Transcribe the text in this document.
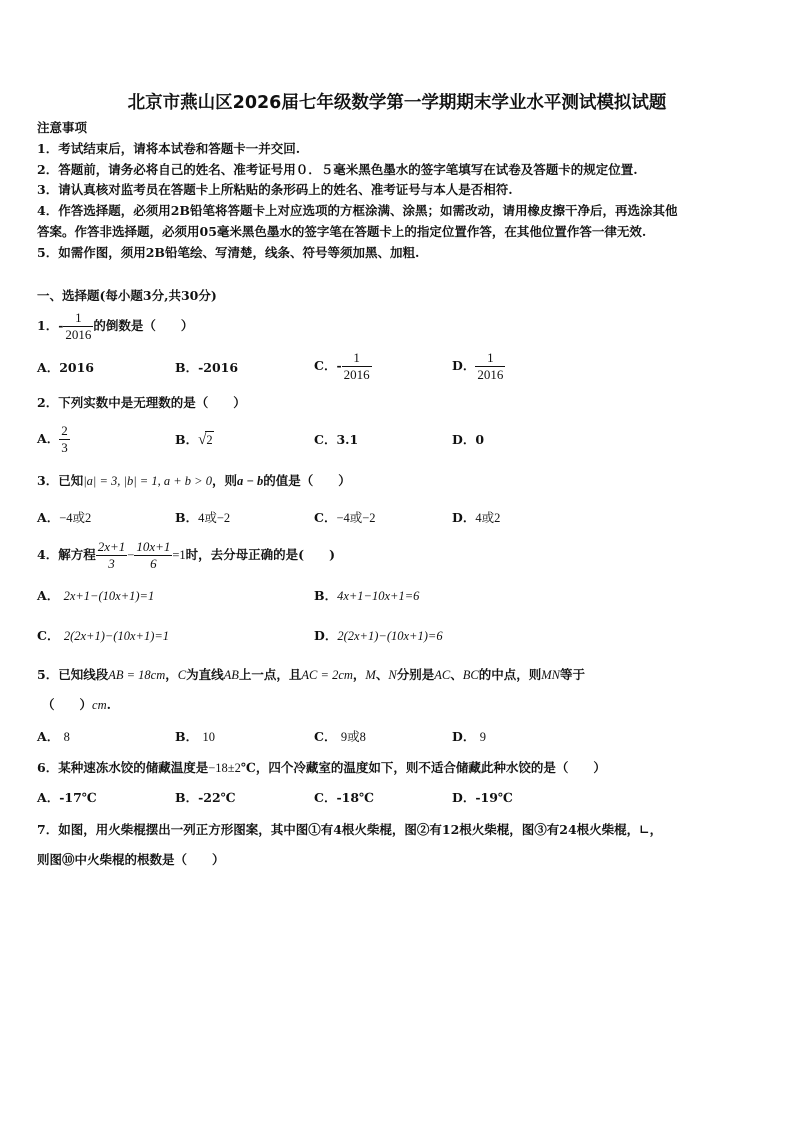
北京市燕山区2026届七年级数学第一学期期末学业水平测试模拟试题
注意事项
1．考试结束后，请将本试卷和答题卡一并交回.
2．答题前，请务必将自己的姓名、准考证号用０．５毫米黑色墨水的签字笔填写在试卷及答题卡的规定位置.
3．请认真核对监考员在答题卡上所粘贴的条形码上的姓名、准考证号与本人是否相符.
4．作答选择题，必须用2B铅笔将答题卡上对应选项的方框涂满、涂黑；如需改动，请用橡皮擦干净后，再选涂其他
答案。作答非选择题，必须用05毫米黑色墨水的签字笔在答题卡上的指定位置作答，在其他位置作答一律无效.
5．如需作图，须用2B铅笔绘、写清楚，线条、符号等须加黑、加粗.
一、选择题(每小题3分,共30分)
1．- $\frac{1}{2016}$ 的倒数是（　　）
A．2016	B．-2016	C．- $\frac{1}{2016}$	D． $\frac{1}{2016}$
2．下列实数中是无理数的是（　　）
A． $\frac{2}{3}$	B．√2	C．3.1	D．0
3．已知|a| = 3, |b| = 1, a + b > 0，则a − b的值是（　　）
A．−4或2	B．4或−2	C．−4或−2	D．4或2
4．解方程 $\frac{2x+1}{3} - \frac{10x+1}{6} =1$时，去分母正确的是(　　)
A． 2x+1−(10x+1)=1	B．4x+1−10x+1=6
C． 2(2x+1)−(10x+1)=1	D．2(2x+1)−(10x+1)=6
5．已知线段AB = 18cm，C为直线AB上一点，且AC = 2cm，M、N分别是AC、BC的中点，则MN等于
（　　）cm.
A． 8	B． 10	C． 9或8	D． 9
6．某种速冻水饺的储藏温度是−18±2℃，四个冷藏室的温度如下，则不适合储藏此种水饺的是（　　）
A．-17℃	B．-22℃	C．-18℃	D．-19℃
7．如图，用火柴棍摆出一列正方形图案，其中图①有4根火柴棍，图②有12根火柴棍，图③有24根火柴棍，∟，
则图⑩中火柴棍的根数是（　　）
